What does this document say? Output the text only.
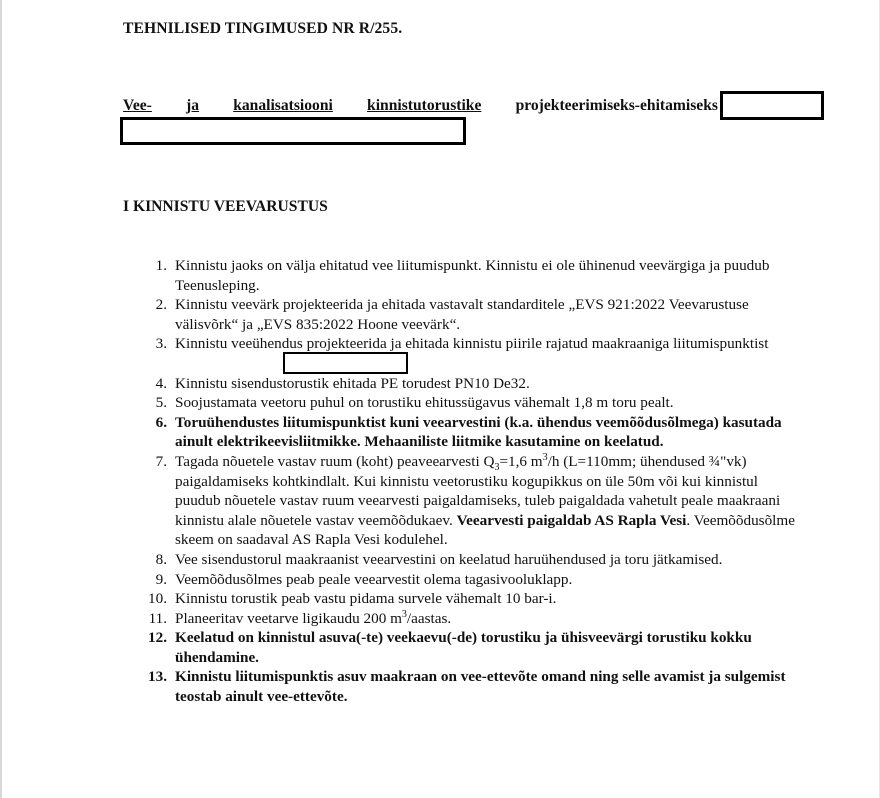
TEHNILISED TINGIMUSED NR R/255.
Vee- ja kanalisatsiooni kinnistutorustike projekteerimiseks-ehitamiseks
I KINNISTU VEEVARUSTUS
1. Kinnistu jaoks on välja ehitatud vee liitumispunkt. Kinnistu ei ole ühinenud veevärgiga ja puudub Teenusleping.
2. Kinnistu veevärk projekteerida ja ehitada vastavalt standarditele „EVS 921:2022 Veevarustuse välisvõrk“ ja „EVS 835:2022 Hoone veevärk“.
3. Kinnistu veeühendus projekteerida ja ehitada kinnistu piirile rajatud maakraaniga liitumispunktist
4. Kinnistu sisendustorustik ehitada PE torudest PN10 De32.
5. Soojustamata veetoru puhul on torustiku ehitussügavus vähemalt 1,8 m toru pealt.
6. Toruühendustes liitumispunktist kuni veearvestini (k.a. ühendus veemõõdusõlmega) kasutada ainult elektrikeevisliitmikke. Mehaaniliste liitmike kasutamine on keelatud.
7. Tagada nõuetele vastav ruum (koht) peaveearvesti $Q_3=1,6$ $m^3/h$ (L=110mm; ühendused ¾"vk) paigaldamiseks kohtkindlalt. Kui kinnistu veetorustiku kogupikkus on üle 50m või kui kinnistul puudub nõuetele vastav ruum veearvesti paigaldamiseks, tuleb paigaldada vahetult peale maakraani kinnistu alale nõuetele vastav veemõõdukaev. Veearvesti paigaldab AS Rapla Vesi. Veemõõdusõlme skeem on saadaval AS Rapla Vesi kodulehel.
8. Vee sisendustorul maakraanist veearvestini on keelatud haruühendused ja toru jätkamised.
9. Veemõõdusõlmes peab peale veearvestit olema tagasivooluklapp.
10. Kinnistu torustik peab vastu pidama survele vähemalt 10 bar-i.
11. Planeeritav veetarve ligikaudu 200 $m^3$/aastas.
12. Keelatud on kinnistul asuva(-te) veekaevu(-de) torustiku ja ühisveevärgi torustiku kokku ühendamine.
13. Kinnistu liitumispunktis asuv maakraan on vee-ettevõte omand ning selle avamist ja sulgemist teostab ainult vee-ettevõte.
